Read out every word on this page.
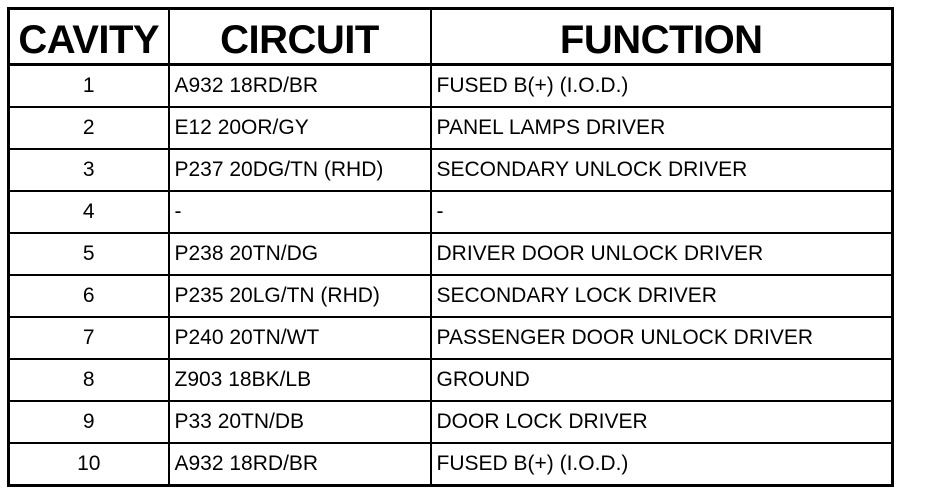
CAVITY	CIRCUIT	FUNCTION
1	A932 18RD/BR	FUSED B(+) (I.O.D.)
2	E12 20OR/GY	PANEL LAMPS DRIVER
3	P237 20DG/TN (RHD)	SECONDARY UNLOCK DRIVER
4	-	-
5	P238 20TN/DG	DRIVER DOOR UNLOCK DRIVER
6	P235 20LG/TN (RHD)	SECONDARY LOCK DRIVER
7	P240 20TN/WT	PASSENGER DOOR UNLOCK DRIVER
8	Z903 18BK/LB	GROUND
9	P33 20TN/DB	DOOR LOCK DRIVER
10	A932 18RD/BR	FUSED B(+) (I.O.D.)
